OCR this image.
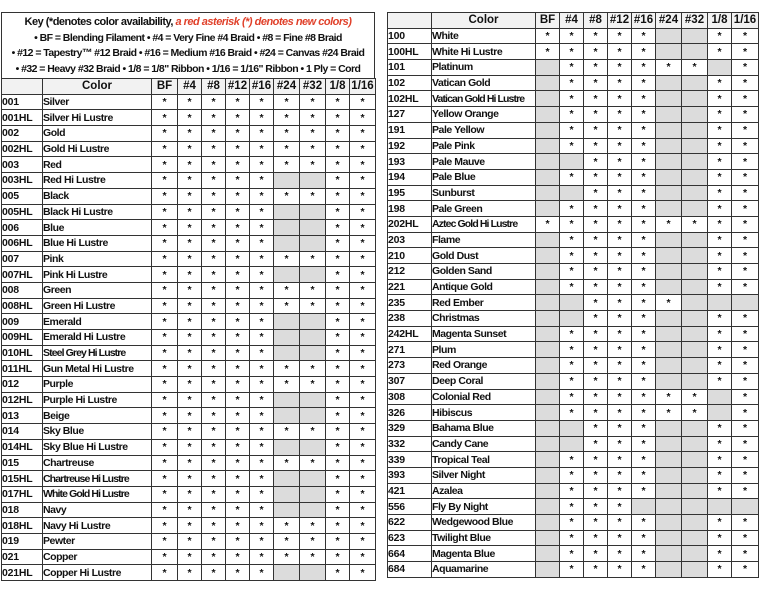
Key (*denotes color availability, a red asterisk (*) denotes new colors)
• BF = Blending Filament • #4 = Very Fine #4 Braid • #8 = Fine #8 Braid
• #12 = Tapestry™ #12 Braid • #16 = Medium #16 Braid • #24 = Canvas #24 Braid
• #32 = Heavy #32 Braid • 1/8 = 1/8" Ribbon • 1/16 = 1/16" Ribbon • 1 Ply = Cord
	Color	BF	#4	#8	#12	#16	#24	#32	1/8	1/16
001	Silver	*	*	*	*	*	*	*	*	*
001HL	Silver Hi Lustre	*	*	*	*	*	*	*	*	*
002	Gold	*	*	*	*	*	*	*	*	*
002HL	Gold Hi Lustre	*	*	*	*	*	*	*	*	*
003	Red	*	*	*	*	*	*	*	*	*
003HL	Red Hi Lustre	*	*	*	*	*			*	*
005	Black	*	*	*	*	*	*	*	*	*
005HL	Black Hi Lustre	*	*	*	*	*			*	*
006	Blue	*	*	*	*	*			*	*
006HL	Blue Hi Lustre	*	*	*	*	*			*	*
007	Pink	*	*	*	*	*	*	*	*	*
007HL	Pink Hi Lustre	*	*	*	*	*			*	*
008	Green	*	*	*	*	*	*	*	*	*
008HL	Green Hi Lustre	*	*	*	*	*	*	*	*	*
009	Emerald	*	*	*	*	*			*	*
009HL	Emerald Hi Lustre	*	*	*	*	*			*	*
010HL	Steel Grey Hi Lustre	*	*	*	*	*			*	*
011HL	Gun Metal Hi Lustre	*	*	*	*	*	*	*	*	*
012	Purple	*	*	*	*	*	*	*	*	*
012HL	Purple Hi Lustre	*	*	*	*	*			*	*
013	Beige	*	*	*	*	*			*	*
014	Sky Blue	*	*	*	*	*	*	*	*	*
014HL	Sky Blue Hi Lustre	*	*	*	*	*			*	*
015	Chartreuse	*	*	*	*	*	*	*	*	*
015HL	Chartreuse Hi Lustre	*	*	*	*	*			*	*
017HL	White Gold Hi Lustre	*	*	*	*	*			*	*
018	Navy	*	*	*	*	*			*	*
018HL	Navy Hi Lustre	*	*	*	*	*	*	*	*	*
019	Pewter	*	*	*	*	*	*	*	*	*
021	Copper	*	*	*	*	*	*	*	*	*
021HL	Copper Hi Lustre	*	*	*	*	*			*	*
	Color	BF	#4	#8	#12	#16	#24	#32	1/8	1/16
100	White	*	*	*	*	*			*	*
100HL	White Hi Lustre	*	*	*	*	*			*	*
101	Platinum		*	*	*	*	*	*		*
102	Vatican Gold		*	*	*	*			*	*
102HL	Vatican Gold Hi Lustre		*	*	*	*			*	*
127	Yellow Orange		*	*	*	*			*	*
191	Pale Yellow		*	*	*	*			*	*
192	Pale Pink		*	*	*	*			*	*
193	Pale Mauve			*	*	*			*	*
194	Pale Blue		*	*	*	*			*	*
195	Sunburst			*	*	*			*	*
198	Pale Green		*	*	*	*			*	*
202HL	Aztec Gold Hi Lustre	*	*	*	*	*	*	*	*	*
203	Flame		*	*	*	*			*	*
210	Gold Dust		*	*	*	*			*	*
212	Golden Sand		*	*	*	*			*	*
221	Antique Gold		*	*	*	*			*	*
235	Red Ember			*	*	*	*			
238	Christmas			*	*	*			*	*
242HL	Magenta Sunset		*	*	*	*			*	*
271	Plum		*	*	*	*			*	*
273	Red Orange		*	*	*	*			*	*
307	Deep Coral		*	*	*	*			*	*
308	Colonial Red		*	*	*	*	*	*		*
326	Hibiscus		*	*	*	*	*	*		*
329	Bahama Blue			*	*	*			*	*
332	Candy Cane			*	*	*			*	*
339	Tropical Teal		*	*	*	*			*	*
393	Silver Night		*	*	*	*			*	*
421	Azalea		*	*	*	*			*	*
556	Fly By Night		*	*	*					
622	Wedgewood Blue		*	*	*	*			*	*
623	Twilight Blue		*	*	*	*			*	*
664	Magenta Blue		*	*	*	*			*	*
684	Aquamarine		*	*	*	*			*	*
